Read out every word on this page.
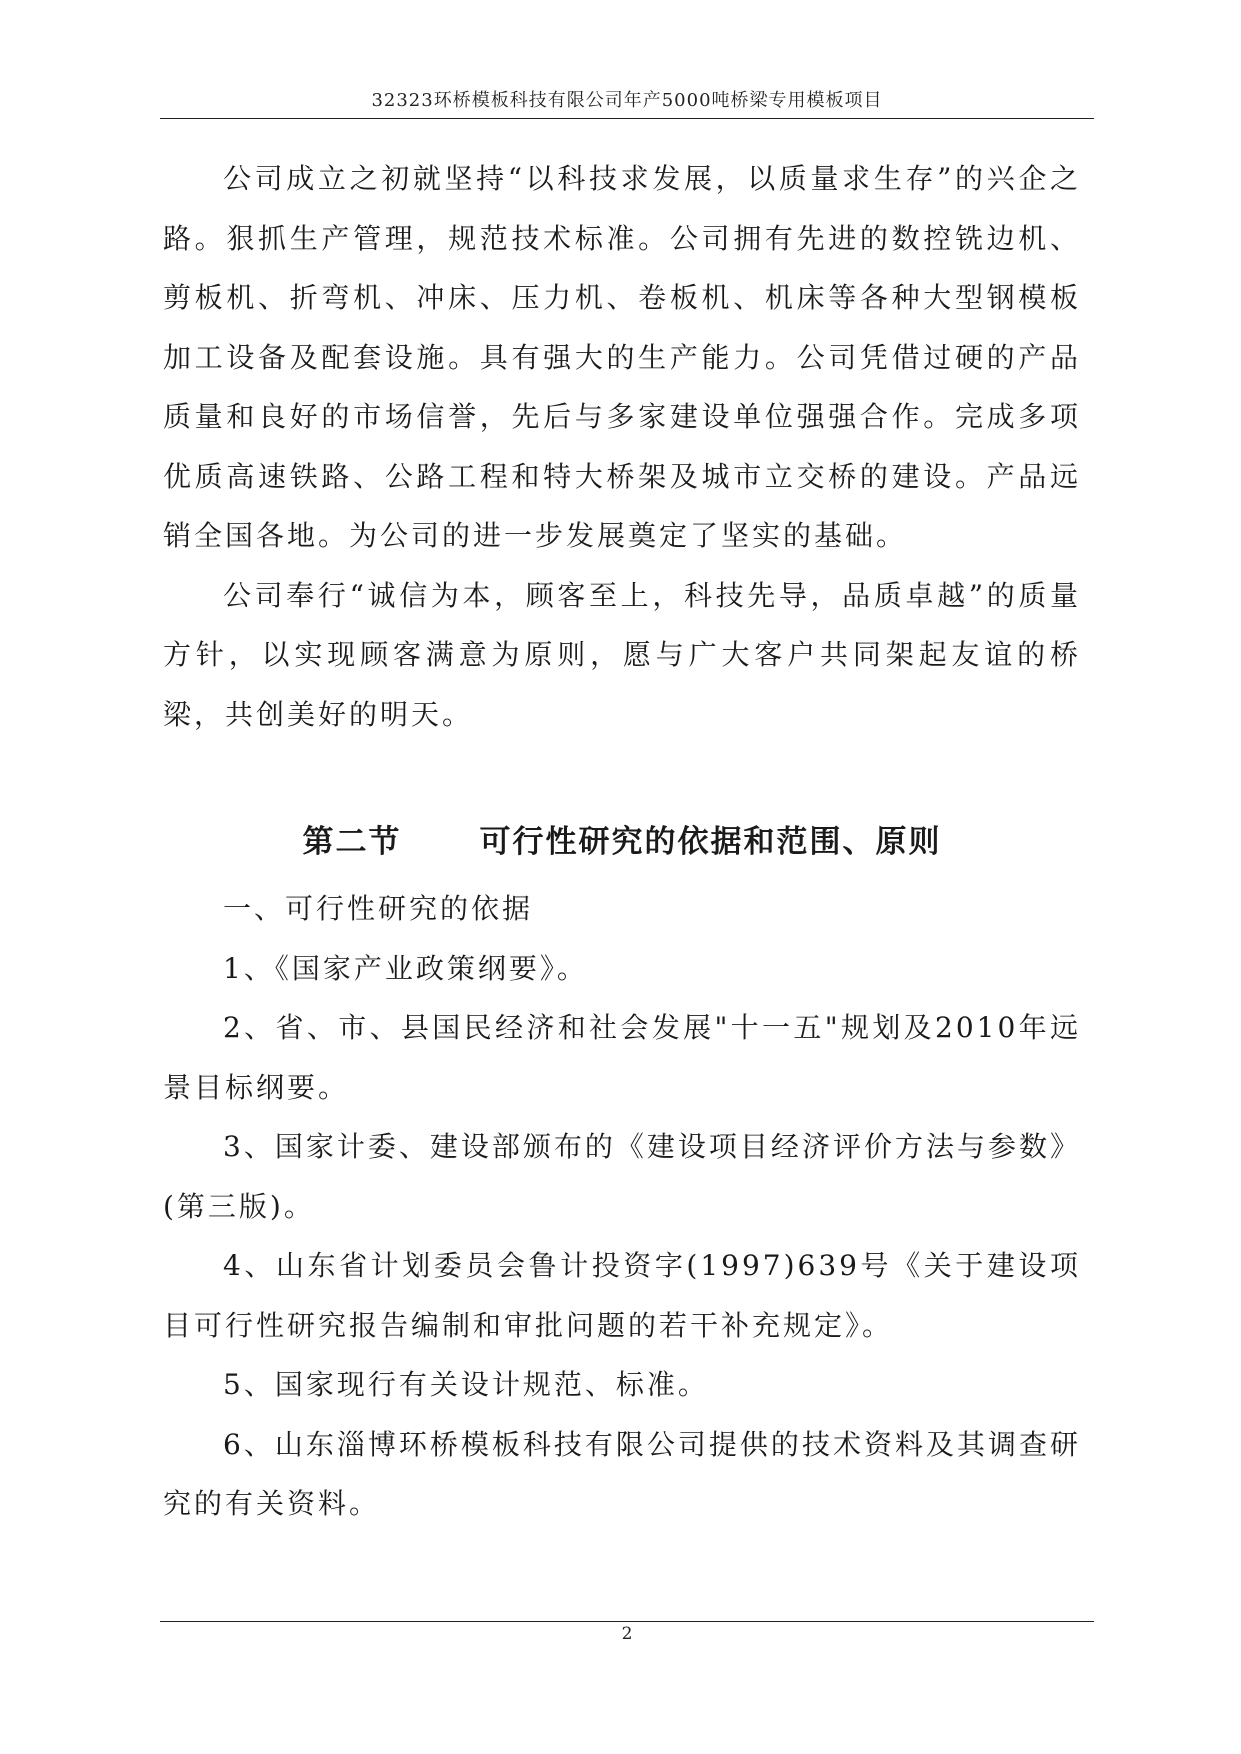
32323环桥模板科技有限公司年产5000吨桥梁专用模板项目

公司成立之初就坚持“以科技求发展，以质量求生存”的兴企之路。狠抓生产管理，规范技术标准。公司拥有先进的数控铣边机、剪板机、折弯机、冲床、压力机、卷板机、机床等各种大型钢模板加工设备及配套设施。具有强大的生产能力。公司凭借过硬的产品质量和良好的市场信誉，先后与多家建设单位强强合作。完成多项优质高速铁路、公路工程和特大桥架及城市立交桥的建设。产品远销全国各地。为公司的进一步发展奠定了坚实的基础。

公司奉行“诚信为本，顾客至上，科技先导，品质卓越”的质量方针，以实现顾客满意为原则，愿与广大客户共同架起友谊的桥梁，共创美好的明天。

第二节	可行性研究的依据和范围、原则

一、可行性研究的依据

1、《国家产业政策纲要》。

2、省、市、县国民经济和社会发展"十一五"规划及2010年远景目标纲要。

3、国家计委、建设部颁布的《建设项目经济评价方法与参数》(第三版)。

4、山东省计划委员会鲁计投资字(1997)639号《关于建设项目可行性研究报告编制和审批问题的若干补充规定》。

5、国家现行有关设计规范、标准。

6、山东淄博环桥模板科技有限公司提供的技术资料及其调查研究的有关资料。

2
